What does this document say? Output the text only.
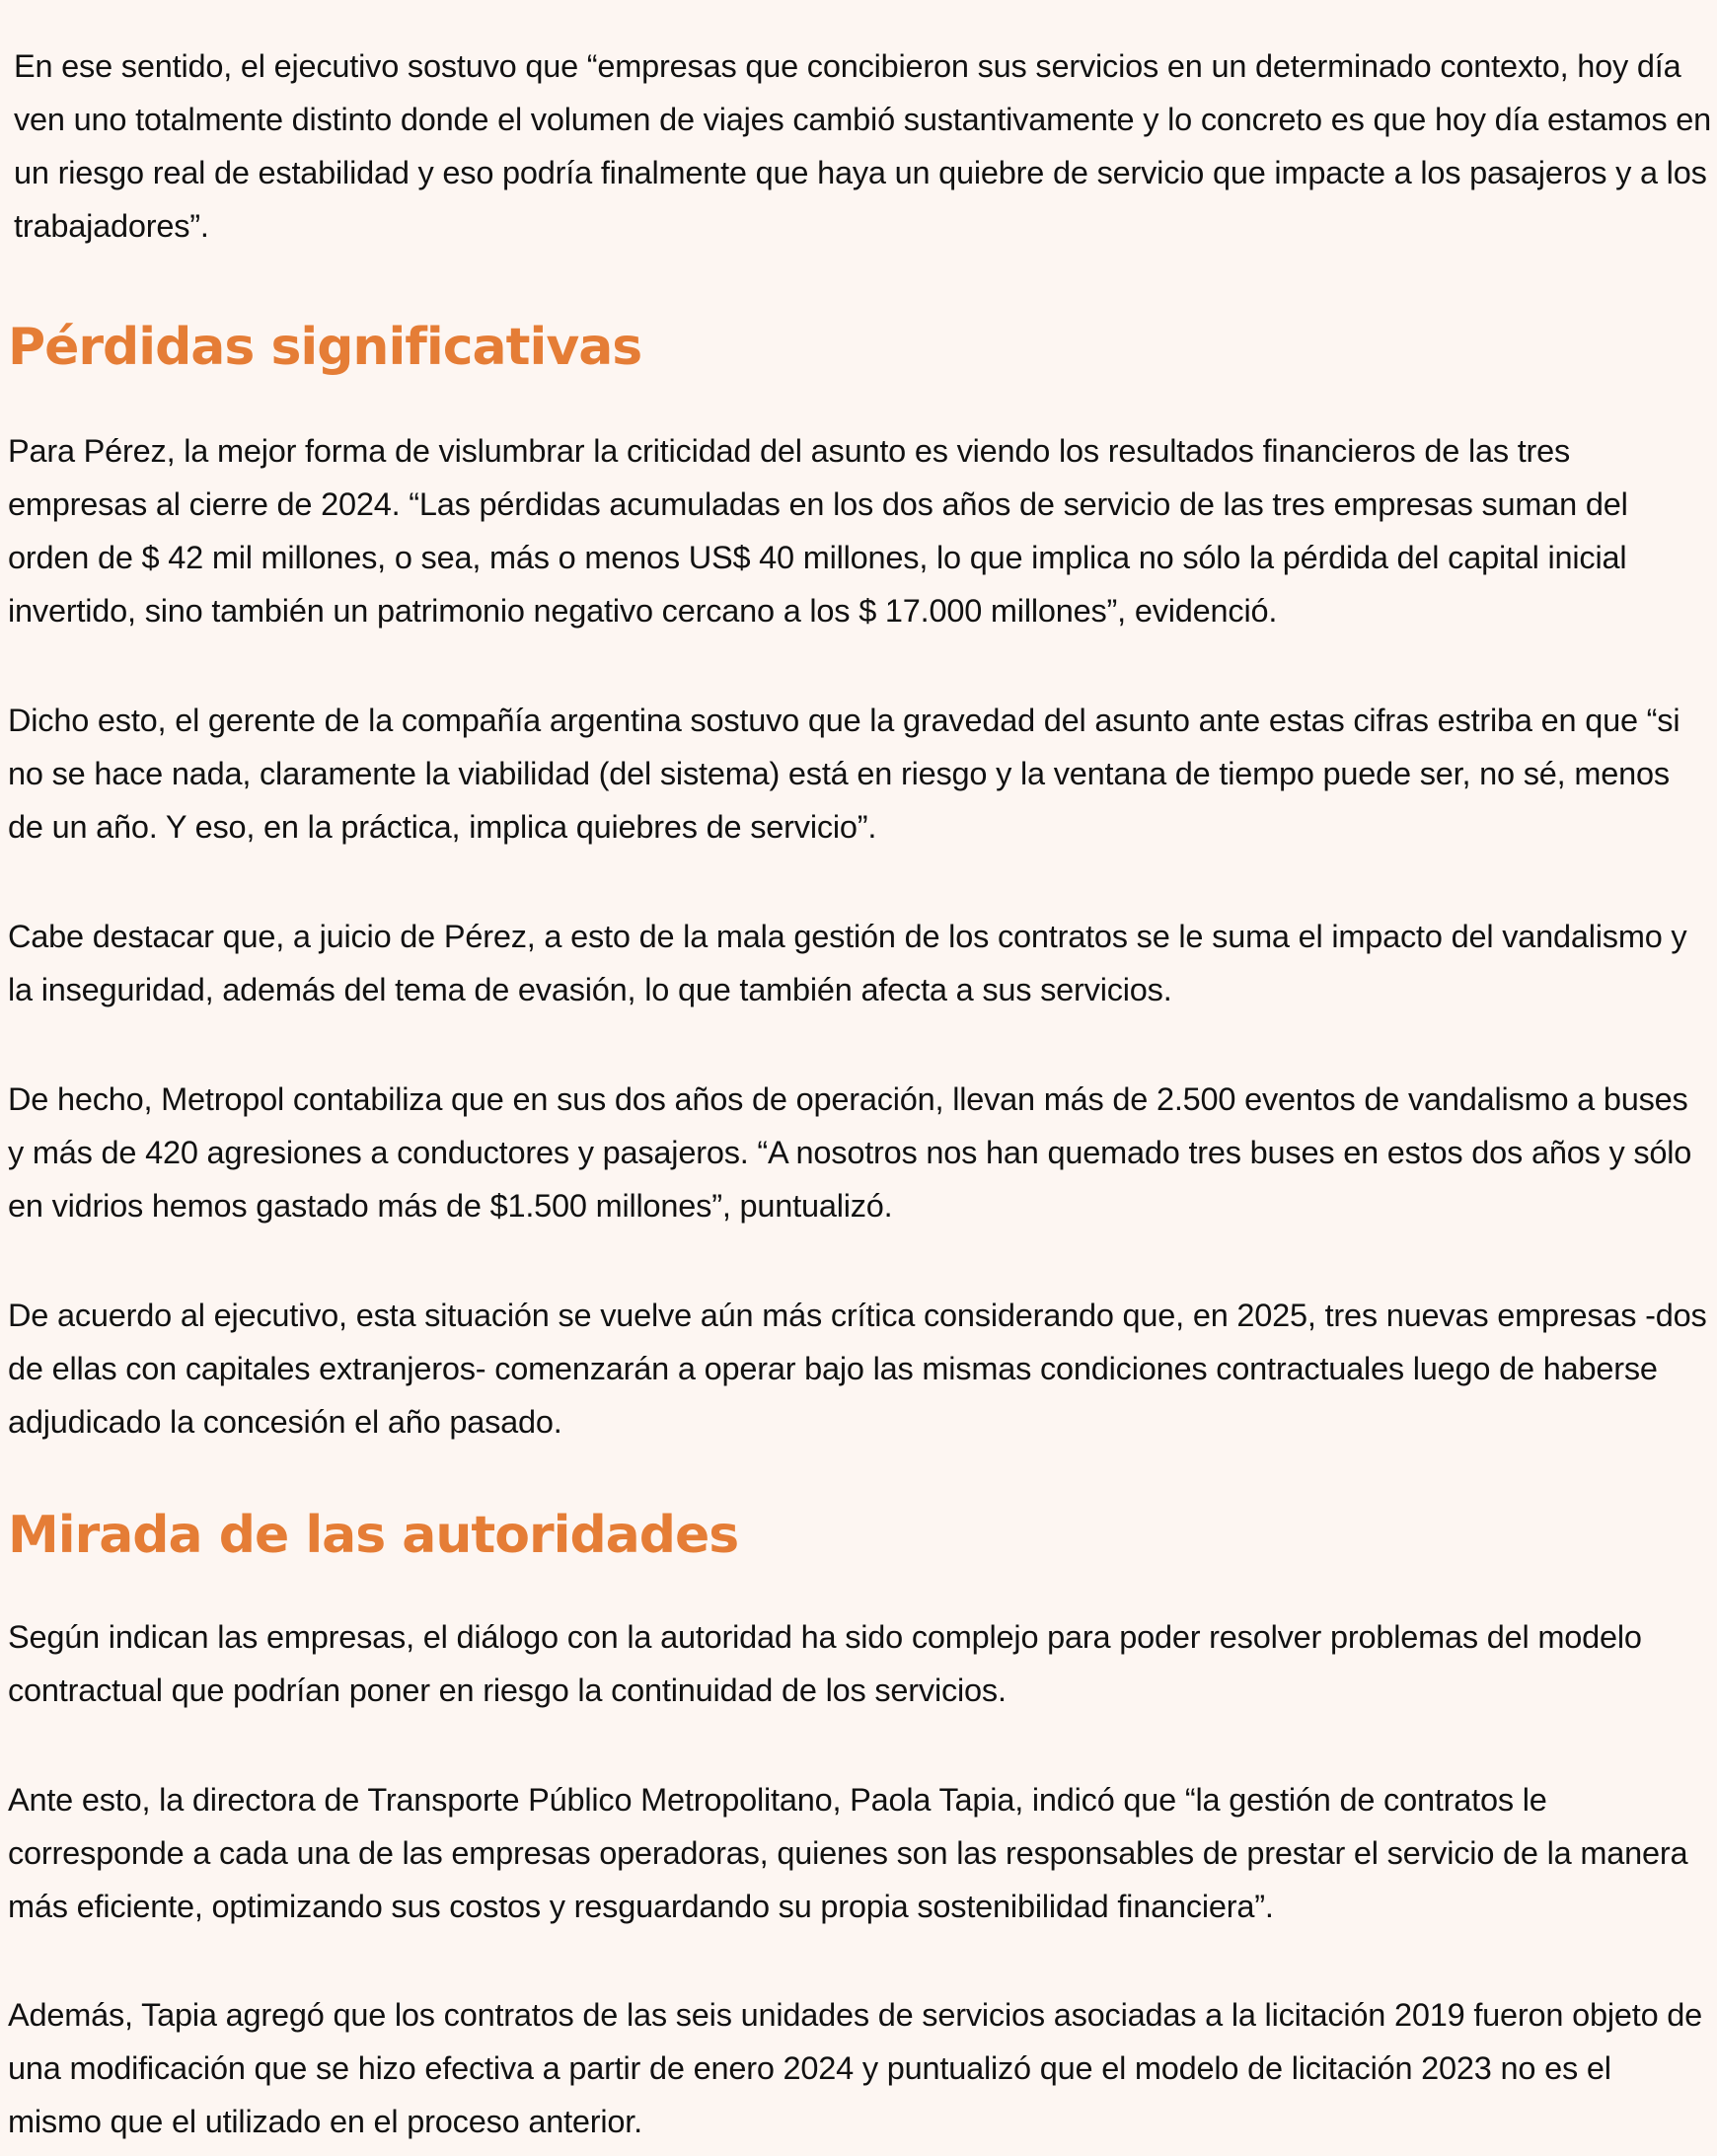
En ese sentido, el ejecutivo sostuvo que “empresas que concibieron sus servicios en un determinado contexto, hoy día ven uno totalmente distinto donde el volumen de viajes cambió sustantivamente y lo concreto es que hoy día estamos en un riesgo real de estabilidad y eso podría finalmente que haya un quiebre de servicio que impacte a los pasajeros y a los trabajadores”.

Pérdidas significativas

Para Pérez, la mejor forma de vislumbrar la criticidad del asunto es viendo los resultados financieros de las tres empresas al cierre de 2024. “Las pérdidas acumuladas en los dos años de servicio de las tres empresas suman del orden de $ 42 mil millones, o sea, más o menos US$ 40 millones, lo que implica no sólo la pérdida del capital inicial invertido, sino también un patrimonio negativo cercano a los $ 17.000 millones”, evidenció.

Dicho esto, el gerente de la compañía argentina sostuvo que la gravedad del asunto ante estas cifras estriba en que “si no se hace nada, claramente la viabilidad (del sistema) está en riesgo y la ventana de tiempo puede ser, no sé, menos de un año. Y eso, en la práctica, implica quiebres de servicio”.

Cabe destacar que, a juicio de Pérez, a esto de la mala gestión de los contratos se le suma el impacto del vandalismo y la inseguridad, además del tema de evasión, lo que también afecta a sus servicios.

De hecho, Metropol contabiliza que en sus dos años de operación, llevan más de 2.500 eventos de vandalismo a buses y más de 420 agresiones a conductores y pasajeros. “A nosotros nos han quemado tres buses en estos dos años y sólo en vidrios hemos gastado más de $1.500 millones”, puntualizó.

De acuerdo al ejecutivo, esta situación se vuelve aún más crítica considerando que, en 2025, tres nuevas empresas -dos de ellas con capitales extranjeros- comenzarán a operar bajo las mismas condiciones contractuales luego de haberse adjudicado la concesión el año pasado.

Mirada de las autoridades

Según indican las empresas, el diálogo con la autoridad ha sido complejo para poder resolver problemas del modelo contractual que podrían poner en riesgo la continuidad de los servicios.

Ante esto, la directora de Transporte Público Metropolitano, Paola Tapia, indicó que “la gestión de contratos le corresponde a cada una de las empresas operadoras, quienes son las responsables de prestar el servicio de la manera más eficiente, optimizando sus costos y resguardando su propia sostenibilidad financiera”.

Además, Tapia agregó que los contratos de las seis unidades de servicios asociadas a la licitación 2019 fueron objeto de una modificación que se hizo efectiva a partir de enero 2024 y puntualizó que el modelo de licitación 2023 no es el mismo que el utilizado en el proceso anterior.
